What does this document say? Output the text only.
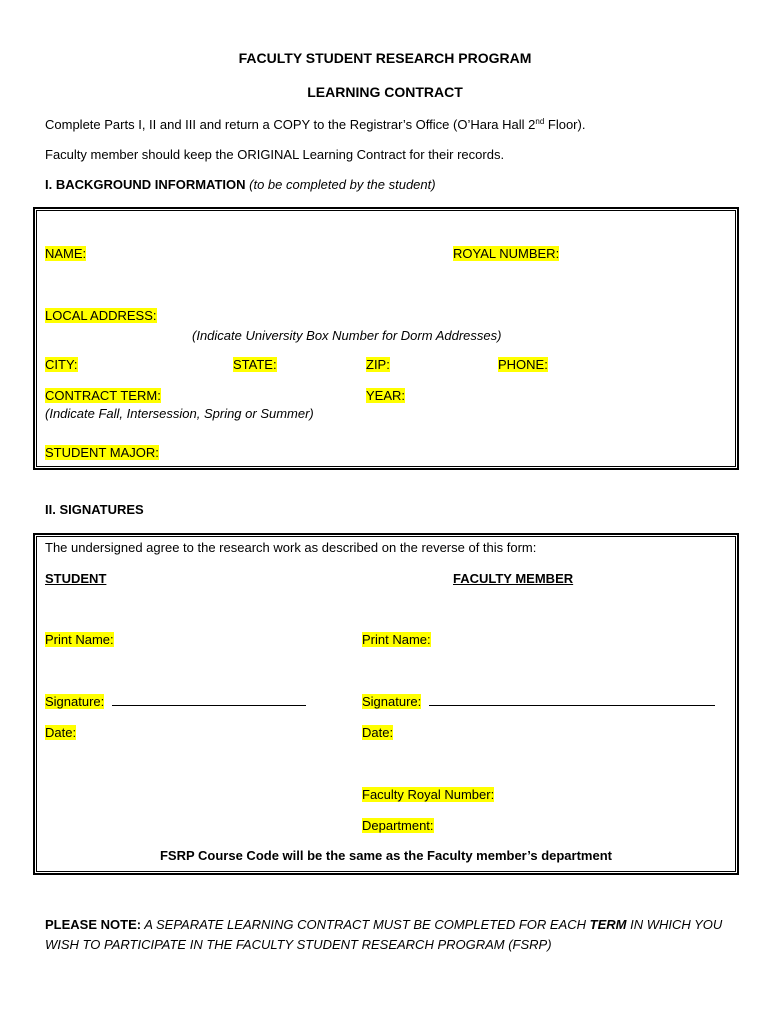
FACULTY STUDENT RESEARCH PROGRAM
LEARNING CONTRACT
Complete Parts I, II and III and return a COPY to the Registrar’s Office (O’Hara Hall 2nd Floor).
Faculty member should keep the ORIGINAL Learning Contract for their records.
I. BACKGROUND INFORMATION (to be completed by the student)
NAME:	ROYAL NUMBER:
LOCAL ADDRESS:
(Indicate University Box Number for Dorm Addresses)
CITY:	STATE:	ZIP:	PHONE:
CONTRACT TERM:	YEAR:
(Indicate Fall, Intersession, Spring or Summer)
STUDENT MAJOR:
II. SIGNATURES
The undersigned agree to the research work as described on the reverse of this form:
STUDENT	FACULTY MEMBER
Print Name:	Print Name:
Signature:	Signature:
Date:	Date:
Faculty Royal Number:
Department:
FSRP Course Code will be the same as the Faculty member’s department
PLEASE NOTE: A SEPARATE LEARNING CONTRACT MUST BE COMPLETED FOR EACH TERM IN WHICH YOU
WISH TO PARTICIPATE IN THE FACULTY STUDENT RESEARCH PROGRAM (FSRP)
